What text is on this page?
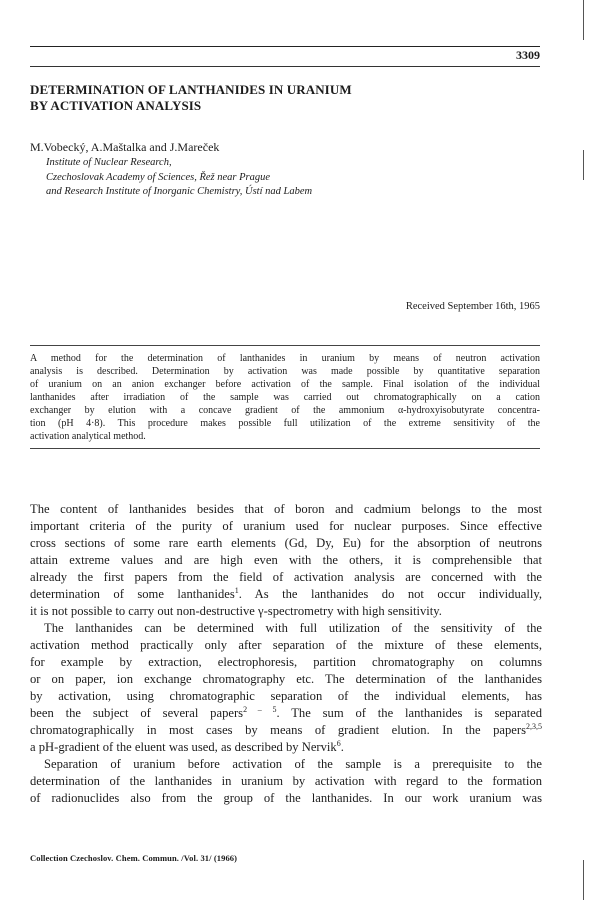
3309
DETERMINATION OF LANTHANIDES IN URANIUM
BY ACTIVATION ANALYSIS
M.Vobecký, A.Maštalka and J.Mareček
Institute of Nuclear Research,
Czechoslovak Academy of Sciences, Řež near Prague
and Research Institute of Inorganic Chemistry, Ústí nad Labem
Received September 16th, 1965
A method for the determination of lanthanides in uranium by means of neutron activation
analysis is described. Determination by activation was made possible by quantitative separation
of uranium on an anion exchanger before activation of the sample. Final isolation of the individual
lanthanides after irradiation of the sample was carried out chromatographically on a cation
exchanger by elution with a concave gradient of the ammonium α-hydroxyisobutyrate concentra-
tion (pH 4·8). This procedure makes possible full utilization of the extreme sensitivity of the
activation analytical method.
The content of lanthanides besides that of boron and cadmium belongs to the most
important criteria of the purity of uranium used for nuclear purposes. Since effective
cross sections of some rare earth elements (Gd, Dy, Eu) for the absorption of neutrons
attain extreme values and are high even with the others, it is comprehensible that
already the first papers from the field of activation analysis are concerned with the
determination of some lanthanides$^1$. As the lanthanides do not occur individually,
it is not possible to carry out non-destructive γ-spectrometry with high sensitivity.
The lanthanides can be determined with full utilization of the sensitivity of the
activation method practically only after separation of the mixture of these elements,
for example by extraction, electrophoresis, partition chromatography on columns
or on paper, ion exchange chromatography etc. The determination of the lanthanides
by activation, using chromatographic separation of the individual elements, has
been the subject of several papers$^{2 - 5}$. The sum of the lanthanides is separated
chromatographically in most cases by means of gradient elution. In the papers$^{2,3,5}$
a pH-gradient of the eluent was used, as described by Nervik$^6$.
Separation of uranium before activation of the sample is a prerequisite to the
determination of the lanthanides in uranium by activation with regard to the formation
of radionuclides also from the group of the lanthanides. In our work uranium was
Collection Czechoslov. Chem. Commun. /Vol. 31/ (1966)
